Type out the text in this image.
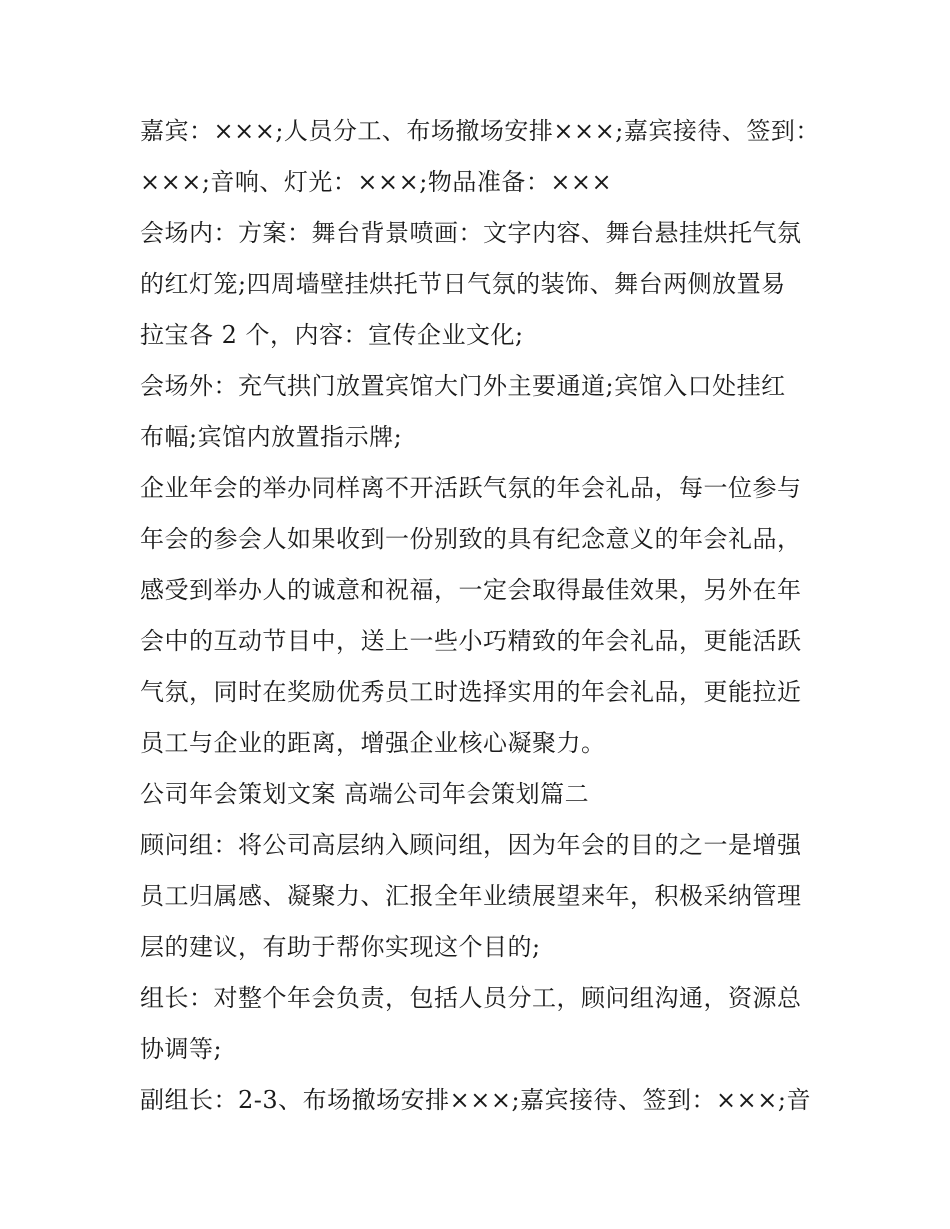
嘉宾：×××;人员分工、布场撤场安排×××;嘉宾接待、签到：
×××;音响、灯光：×××;物品准备：×××
会场内：方案：舞台背景喷画：文字内容、舞台悬挂烘托气氛
的红灯笼;四周墙壁挂烘托节日气氛的装饰、舞台两侧放置易
拉宝各 2 个，内容：宣传企业文化;
会场外：充气拱门放置宾馆大门外主要通道;宾馆入口处挂红
布幅;宾馆内放置指示牌;
企业年会的举办同样离不开活跃气氛的年会礼品，每一位参与
年会的参会人如果收到一份别致的具有纪念意义的年会礼品，
感受到举办人的诚意和祝福，一定会取得最佳效果，另外在年
会中的互动节目中，送上一些小巧精致的年会礼品，更能活跃
气氛，同时在奖励优秀员工时选择实用的年会礼品，更能拉近
员工与企业的距离，增强企业核心凝聚力。
公司年会策划文案 高端公司年会策划篇二
顾问组：将公司高层纳入顾问组，因为年会的目的之一是增强
员工归属感、凝聚力、汇报全年业绩展望来年，积极采纳管理
层的建议，有助于帮你实现这个目的;
组长：对整个年会负责，包括人员分工，顾问组沟通，资源总
协调等;
副组长：2-3、布场撤场安排×××;嘉宾接待、签到：×××;音
